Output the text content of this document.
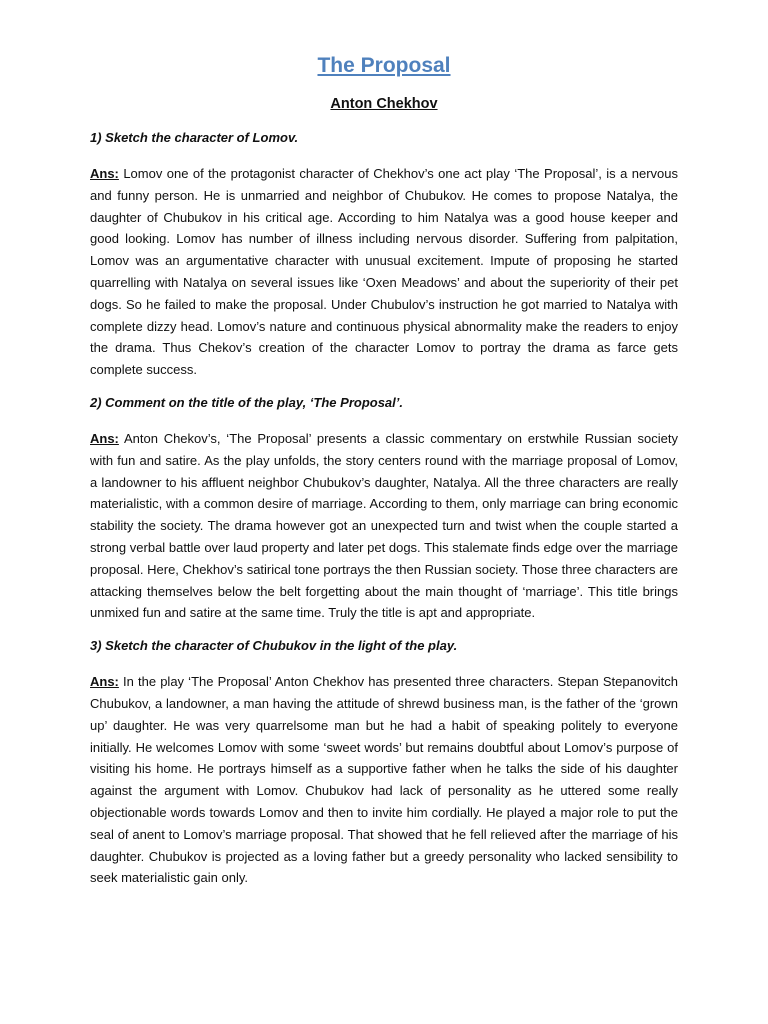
The Proposal
Anton Chekhov

1) Sketch the character of Lomov.

Ans: Lomov one of the protagonist character of Chekhov’s one act play ‘The Proposal’, is a nervous and funny person. He is unmarried and neighbor of Chubukov. He comes to propose Natalya, the daughter of Chubukov in his critical age. According to him Natalya was a good house keeper and good looking. Lomov has number of illness including nervous disorder. Suffering from palpitation, Lomov was an argumentative character with unusual excitement. Impute of proposing he started quarrelling with Natalya on several issues like ‘Oxen Meadows’ and about the superiority of their pet dogs. So he failed to make the proposal. Under Chubulov’s instruction he got married to Natalya with complete dizzy head. Lomov’s nature and continuous physical abnormality make the readers to enjoy the drama. Thus Chekov’s creation of the character Lomov to portray the drama as farce gets complete success.

2) Comment on the title of the play, ‘The Proposal’.

Ans: Anton Chekov’s, ‘The Proposal’ presents a classic commentary on erstwhile Russian society with fun and satire. As the play unfolds, the story centers round with the marriage proposal of Lomov, a landowner to his affluent neighbor Chubukov’s daughter, Natalya. All the three characters are really materialistic, with a common desire of marriage. According to them, only marriage can bring economic stability the society. The drama however got an unexpected turn and twist when the couple started a strong verbal battle over laud property and later pet dogs. This stalemate finds edge over the marriage proposal. Here, Chekhov’s satirical tone portrays the then Russian society. Those three characters are attacking themselves below the belt forgetting about the main thought of ‘marriage’. This title brings unmixed fun and satire at the same time. Truly the title is apt and appropriate.

3) Sketch the character of Chubukov in the light of the play.

Ans: In the play ‘The Proposal’ Anton Chekhov has presented three characters. Stepan Stepanovitch Chubukov, a landowner, a man having the attitude of shrewd business man, is the father of the ‘grown up’ daughter. He was very quarrelsome man but he had a habit of speaking politely to everyone initially. He welcomes Lomov with some ‘sweet words’ but remains doubtful about Lomov’s purpose of visiting his home. He portrays himself as a supportive father when he talks the side of his daughter against the argument with Lomov. Chubukov had lack of personality as he uttered some really objectionable words towards Lomov and then to invite him cordially. He played a major role to put the seal of anent to Lomov’s marriage proposal. That showed that he fell relieved after the marriage of his daughter. Chubukov is projected as a loving father but a greedy personality who lacked sensibility to seek materialistic gain only.
